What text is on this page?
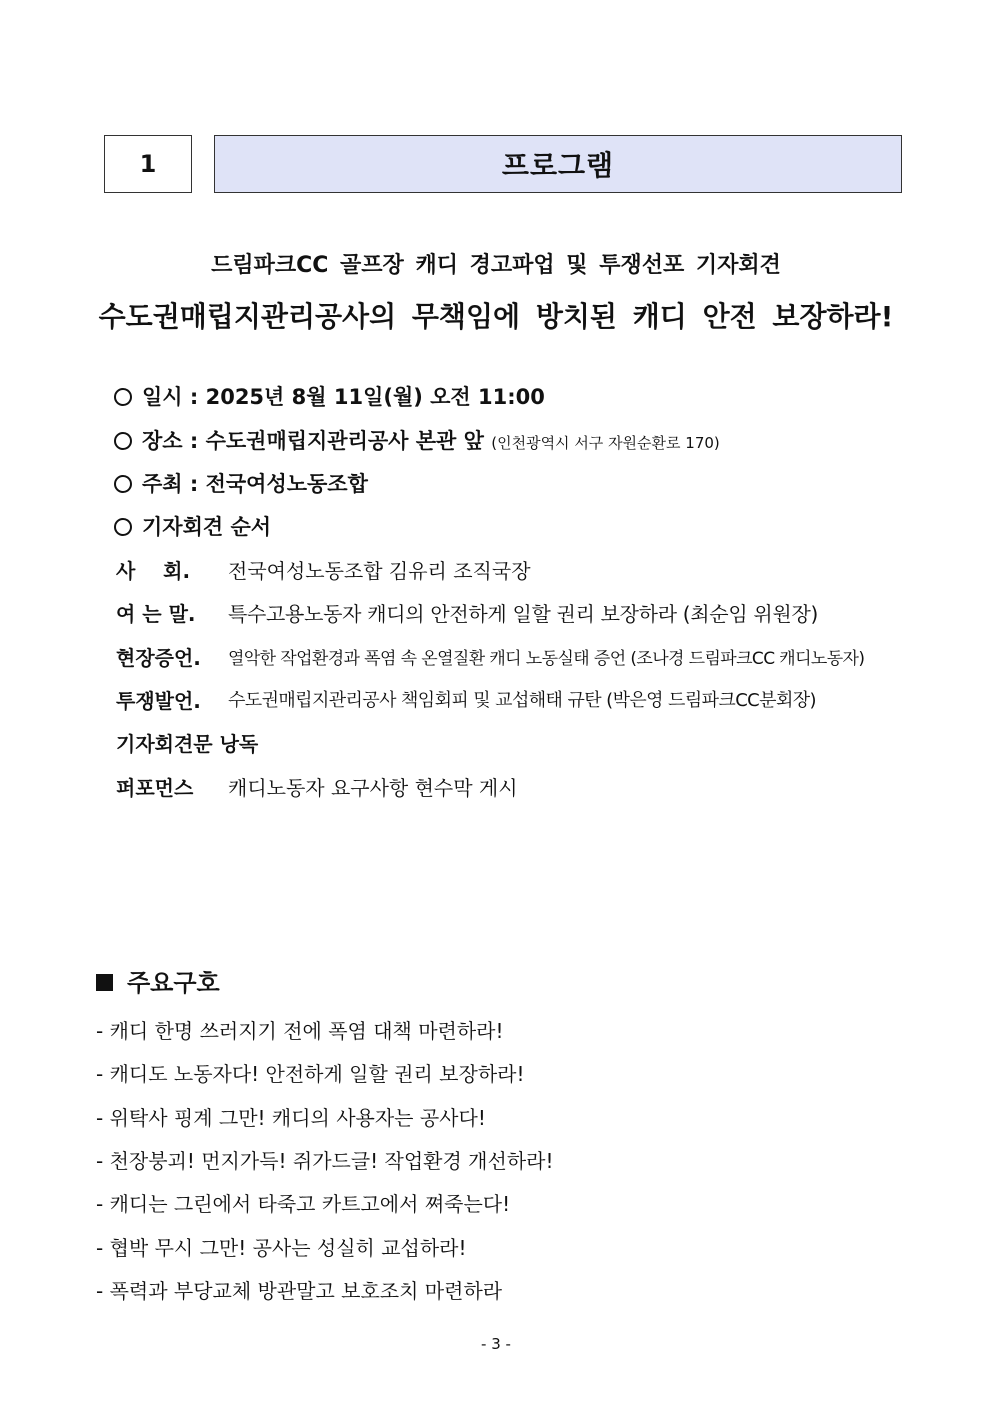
1	프로그램
드림파크CC 골프장 캐디 경고파업 및 투쟁선포 기자회견
수도권매립지관리공사의 무책임에 방치된 캐디 안전 보장하라!
일시 : 2025년 8월 11일(월) 오전 11:00
장소 : 수도권매립지관리공사 본관 앞 (인천광역시 서구 자원순환로 170)
주최 : 전국여성노동조합
기자회견 순서
사    회.	전국여성노동조합 김유리 조직국장
여 는 말.	특수고용노동자 캐디의 안전하게 일할 권리 보장하라 (최순임 위원장)
현장증언.	열악한 작업환경과 폭염 속 온열질환 캐디 노동실태 증언 (조나경 드림파크CC 캐디노동자)
투쟁발언.	수도권매립지관리공사 책임회피 및 교섭해태 규탄 (박은영 드림파크CC분회장)
기자회견문 낭독
퍼포먼스	캐디노동자 요구사항 현수막 게시
주요구호
- 캐디 한명 쓰러지기 전에 폭염 대책 마련하라!
- 캐디도 노동자다! 안전하게 일할 권리 보장하라!
- 위탁사 핑계 그만! 캐디의 사용자는 공사다!
- 천장붕괴! 먼지가득! 쥐가드글! 작업환경 개선하라!
- 캐디는 그린에서 타죽고 카트고에서 쪄죽는다!
- 협박 무시 그만! 공사는 성실히 교섭하라!
- 폭력과 부당교체 방관말고 보호조치 마련하라
- 3 -
